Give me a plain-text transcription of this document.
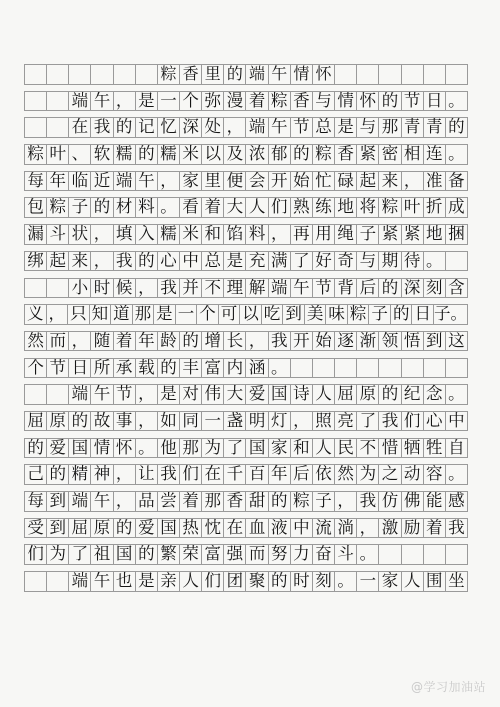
粽 香 里 的 端 午 情 怀
端 午 ， 是 一 个 弥 漫 着 粽 香 与 情 怀 的 节 日 。
在 我 的 记 忆 深 处 ， 端 午 节 总 是 与 那 青 青 的
粽 叶 、 软 糯 的 糯 米 以 及 浓 郁 的 粽 香 紧 密 相 连 。
每 年 临 近 端 午 ， 家 里 便 会 开 始 忙 碌 起 来 ， 准 备
包 粽 子 的 材 料 。 看 着 大 人 们 熟 练 地 将 粽 叶 折 成
漏 斗 状 ， 填 入 糯 米 和 馅 料 ， 再 用 绳 子 紧 紧 地 捆
绑 起 来 ， 我 的 心 中 总 是 充 满 了 好 奇 与 期 待 。
小 时 候 ， 我 并 不 理 解 端 午 节 背 后 的 深 刻 含
义 ， 只 知 道 那 是 一 个 可 以 吃 到 美 味 粽 子 的 日 子。
然 而 ， 随 着 年 龄 的 增 长 ， 我 开 始 逐 渐 领 悟 到 这
个 节 日 所 承 载 的 丰 富 内 涵 。
端 午 节 ， 是 对 伟 大 爱 国 诗 人 屈 原 的 纪 念 。
屈 原 的 故 事 ， 如 同 一 盏 明 灯 ， 照 亮 了 我 们 心 中
的 爱 国 情 怀 。 他 那 为 了 国 家 和 人 民 不 惜 牺 牲 自
己 的 精 神 ， 让 我 们 在 千 百 年 后 依 然 为 之 动 容 。
每 到 端 午 ， 品 尝 着 那 香 甜 的 粽 子 ， 我 仿 佛 能 感
受 到 屈 原 的 爱 国 热 忱 在 血 液 中 流 淌 ， 激 励 着 我
们 为 了 祖 国 的 繁 荣 富 强 而 努 力 奋 斗 。
端 午 也 是 亲 人 们 团 聚 的 时 刻 。 一 家 人 围 坐
@学习加油站
